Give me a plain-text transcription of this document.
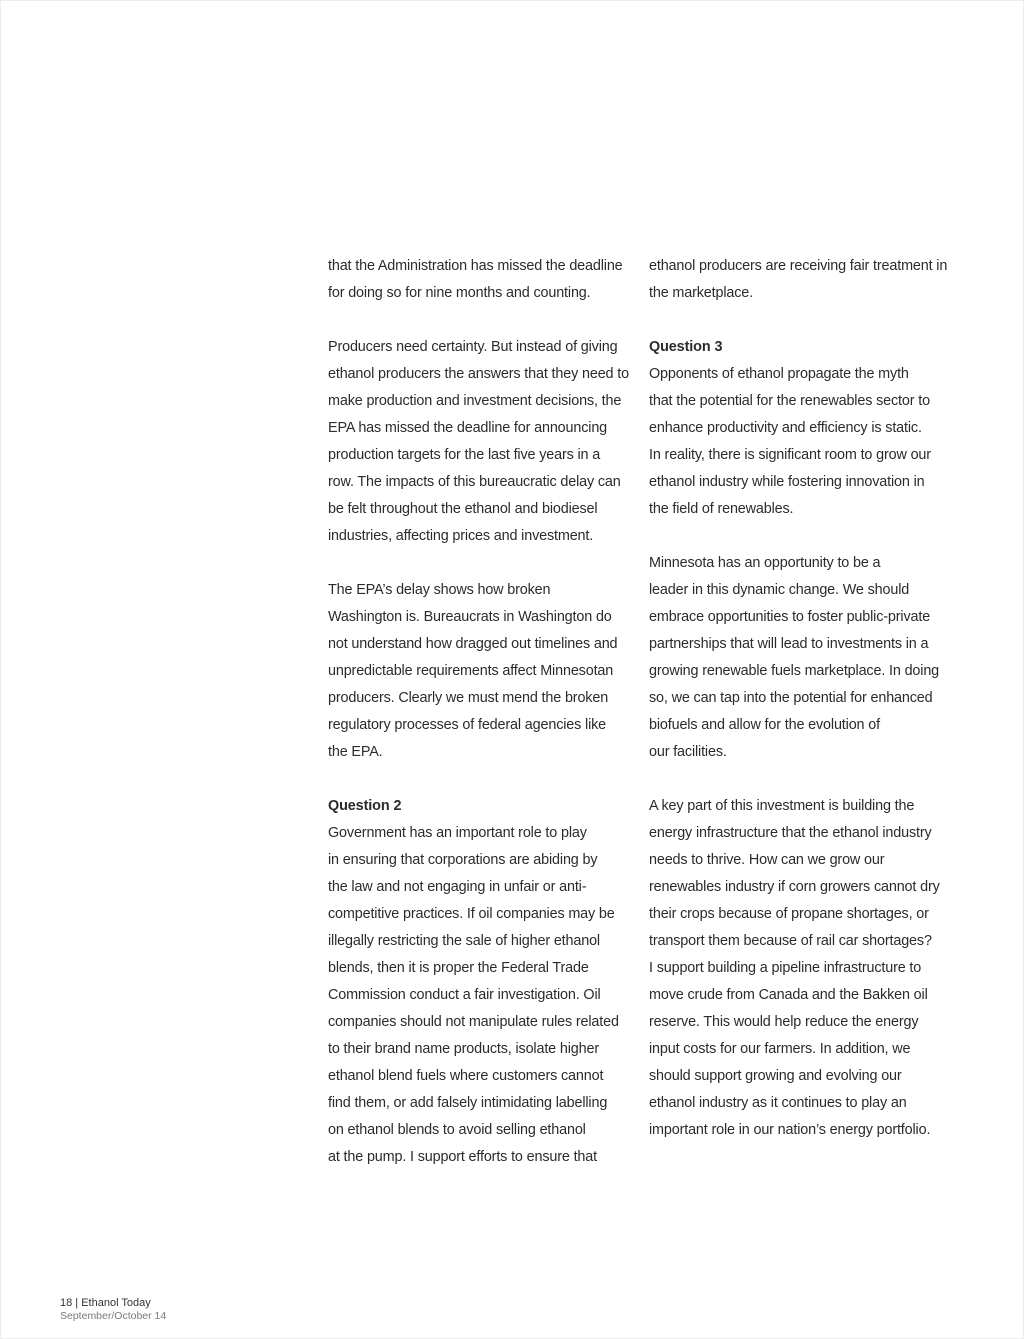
that the Administration has missed the deadline

for doing so for nine months and counting.

Producers need certainty. But instead of giving

ethanol producers the answers that they need to

make production and investment decisions, the

EPA has missed the deadline for announcing

production targets for the last five years in a

row. The impacts of this bureaucratic delay can

be felt throughout the ethanol and biodiesel

industries, affecting prices and investment.

The EPA’s delay shows how broken

Washington is. Bureaucrats in Washington do

not understand how dragged out timelines and

unpredictable requirements affect Minnesotan

producers. Clearly we must mend the broken

regulatory processes of federal agencies like

the EPA.

Question 2

Government has an important role to play

in ensuring that corporations are abiding by

the law and not engaging in unfair or anti-

competitive practices. If oil companies may be

illegally restricting the sale of higher ethanol

blends, then it is proper the Federal Trade

Commission conduct a fair investigation. Oil

companies should not manipulate rules related

to their brand name products, isolate higher

ethanol blend fuels where customers cannot

find them, or add falsely intimidating labelling

on ethanol blends to avoid selling ethanol

at the pump. I support efforts to ensure that

ethanol producers are receiving fair treatment in

the marketplace.

Question 3

Opponents of ethanol propagate the myth

that the potential for the renewables sector to

enhance productivity and efficiency is static.

In reality, there is significant room to grow our

ethanol industry while fostering innovation in

the field of renewables.

Minnesota has an opportunity to be a

leader in this dynamic change. We should

embrace opportunities to foster public-private

partnerships that will lead to investments in a

growing renewable fuels marketplace. In doing

so, we can tap into the potential for enhanced

biofuels and allow for the evolution of

our facilities.

A key part of this investment is building the

energy infrastructure that the ethanol industry

needs to thrive. How can we grow our

renewables industry if corn growers cannot dry

their crops because of propane shortages, or

transport them because of rail car shortages?

I support building a pipeline infrastructure to

move crude from Canada and the Bakken oil

reserve. This would help reduce the energy

input costs for our farmers. In addition, we

should support growing and evolving our

ethanol industry as it continues to play an

important role in our nation’s energy portfolio.

18 | Ethanol Today
September/October 14
